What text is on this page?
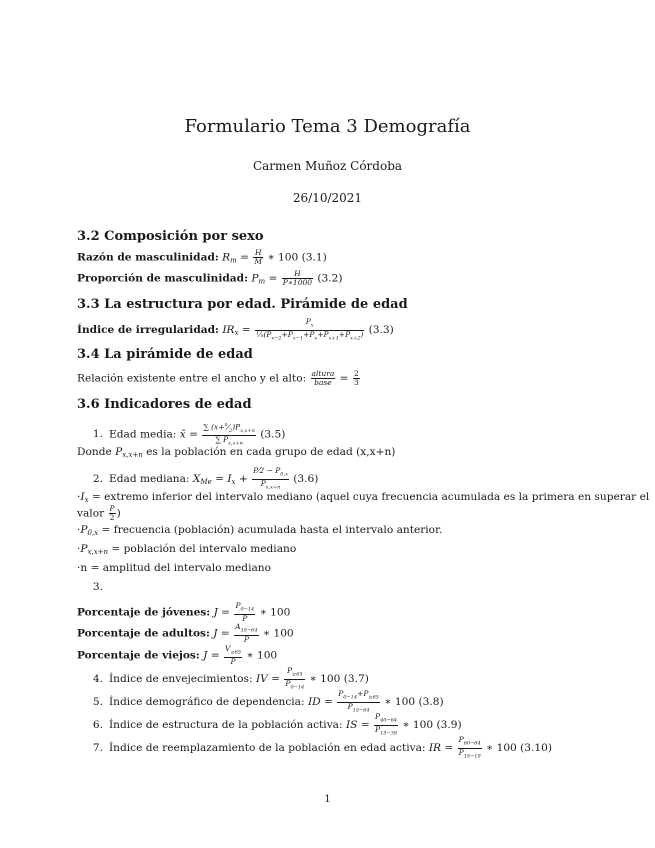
Formulario Tema 3 Demografía
Carmen Muñoz Córdoba
26/10/2021
3.2 Composición por sexo
Razón de masculinidad: $R_m = \frac{H}{M}$ ∗ 100 (3.1)
Proporción de masculinidad: $P_m = \frac{H}{P∗1000} (3.2)$
3.3 La estructura por edad. Pirámide de edad
Índice de irregularidad: $IR_x = \frac{P_x}{\frac{1}{5}(P_{x-2}+P_{x-1}+P_x+P_{x+1}+P_{x+2})} (3.3)$
3.4 La pirámide de edad
Relación existente entre el ancho y el alto: $\frac{\text{altura}}{\text{base}} = \frac{2}{3}$
3.6 Indicadores de edad
1. Edad media: x̄ = $\frac{\sum (x+^n⁄_2)P_{x,x+n}}{\sum P_{x,x+n}} (3.5)$
Donde $P_{x,x+n}$ es la población en cada grupo de edad (x,x+n)
2. Edad mediana: $X_{Me} = I_x + \frac{P⁄2 - P_{0,x}}{P_{x,x+n}} (3.6)$
$\cdot I_x$ = extremo inferior del intervalo mediano (aquel cuya frecuencia acumulada es la primera en superar el
valor $\frac{P}{2}$ )
$\cdot P_{0,x}$ = frecuencia (población) acumulada hasta el intervalo anterior.
$\cdot P_{x,x+n}$ = población del intervalo mediano
·n = amplitud del intervalo mediano
3.
Porcentaje de jóvenes: $J = \frac{P_{0-14}}{P}$ ∗ 100
Porcentaje de adultos: $J = \frac{A_{15-64}}{P}$ ∗ 100
Porcentaje de viejos: $J = \frac{V_{\ge 65}}{P}$ ∗ 100
4. Índice de envejecimientos: IV = $\frac{P_{\ge 65}}{P_{0-14}}$ ∗ 100 (3.7)
5. Índice demográfico de dependencia: ID = $\frac{P_{0-14}+P_{\ge 65}}{P_{15-64}}$ ∗ 100 (3.8)
6. Índice de estructura de la población activa: IS = $\frac{P_{40-64}}{P_{15-39}}$ ∗ 100 (3.9)
7. Índice de reemplazamiento de la población en edad activa: IR = $\frac{P_{60-64}}{P_{15-19}}$ ∗ 100 (3.10)
1
